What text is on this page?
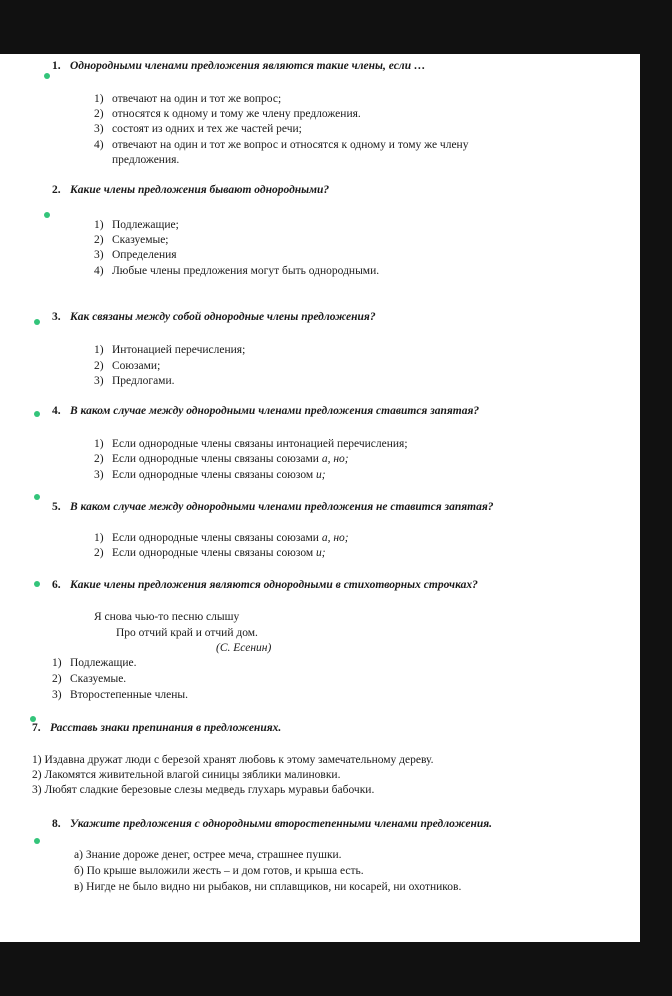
1. Однородными членами предложения являются такие члены, если …
1) отвечают на один и тот же вопрос;
2) относятся к одному и тому же члену предложения.
3) состоят из одних и тех же частей речи;
4) отвечают на один и тот же вопрос и относятся к одному и тому же члену
предложения.
2. Какие члены предложения бывают однородными?
1) Подлежащие;
2) Сказуемые;
3) Определения
4) Любые члены предложения могут быть однородными.
3. Как связаны между собой однородные члены предложения?
1) Интонацией перечисления;
2) Союзами;
3) Предлогами.
4. В каком случае между однородными членами предложения ставится запятая?
1) Если однородные члены связаны интонацией перечисления;
2) Если однородные члены связаны союзами а, но;
3) Если однородные члены связаны союзом и;
5. В каком случае между однородными членами предложения не ставится запятая?
1) Если однородные члены связаны союзами а, но;
2) Если однородные члены связаны союзом и;
6. Какие члены предложения являются однородными в стихотворных строчках?
Я снова чью-то песню слышу
Про отчий край и отчий дом.
(С. Есенин)
1) Подлежащие.
2) Сказуемые.
3) Второстепенные члены.
7. Расставь знаки препинания в предложениях.
1) Издавна дружат люди с березой хранят любовь к этому замечательному дереву.
2) Лакомятся живительной влагой синицы зяблики малиновки.
3) Любят сладкие березовые слезы медведь глухарь муравьи бабочки.
8. Укажите предложения с однородными второстепенными членами предложения.
а) Знание дороже денег, острее меча, страшнее пушки.
б) По крыше выложили жесть – и дом готов, и крыша есть.
в) Нигде не было видно ни рыбаков, ни сплавщиков, ни косарей, ни охотников.
